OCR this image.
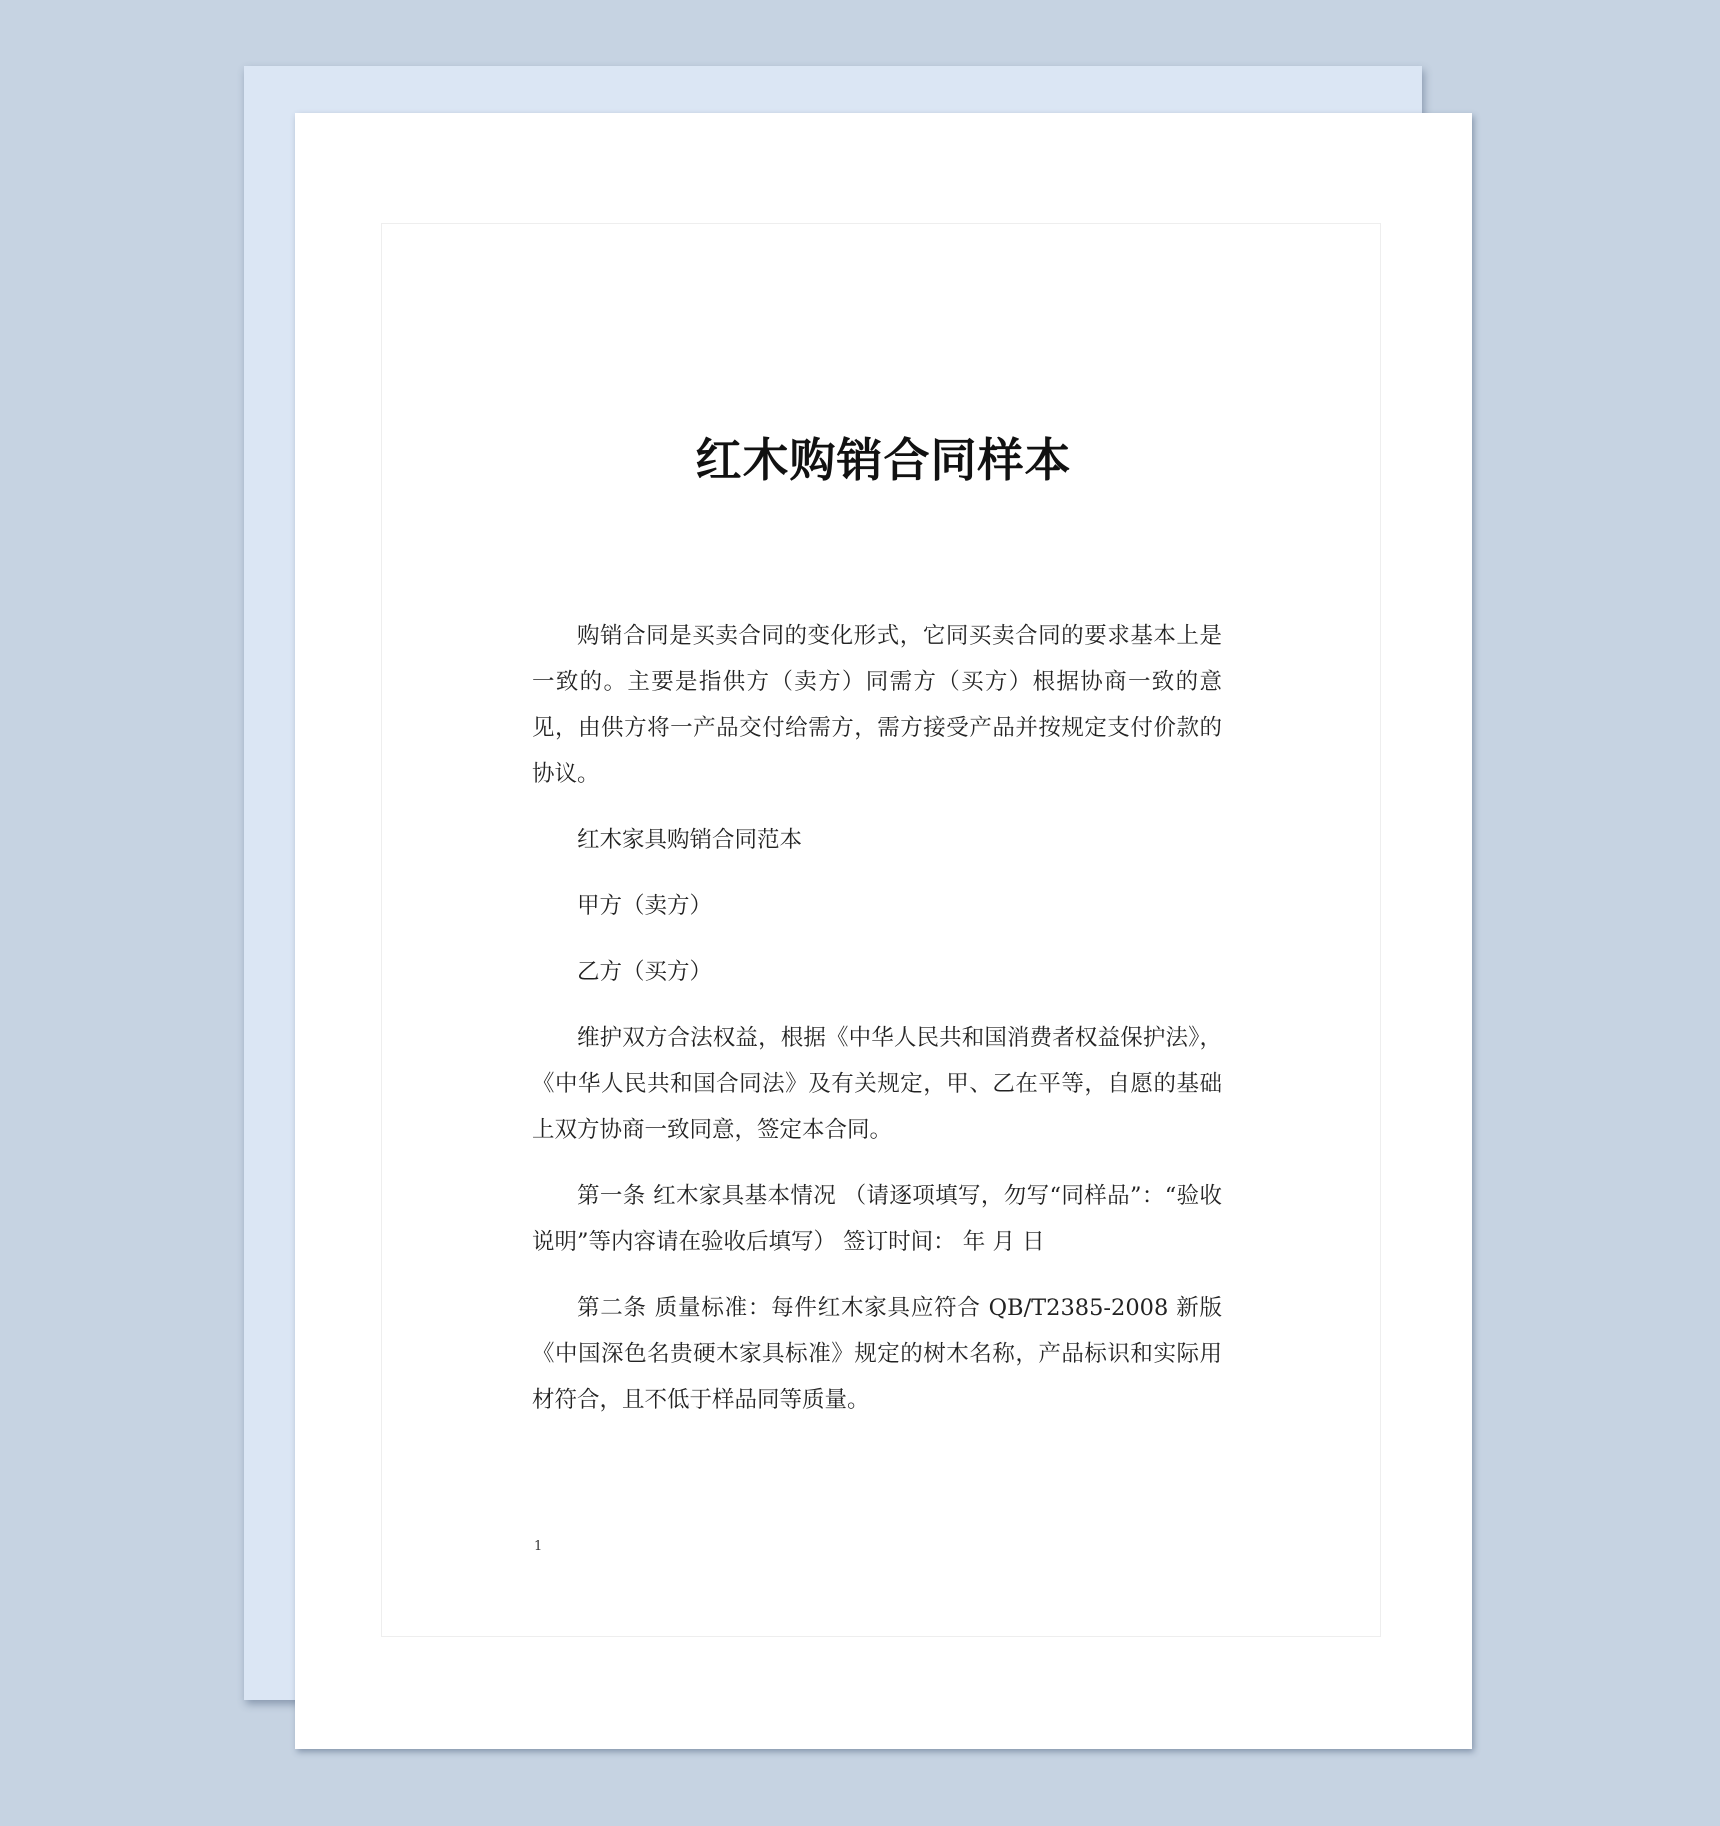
红木购销合同样本

购销合同是买卖合同的变化形式，它同买卖合同的要求基本上是一致的。主要是指供方（卖方）同需方（买方）根据协商一致的意见，由供方将一产品交付给需方，需方接受产品并按规定支付价款的协议。

红木家具购销合同范本

甲方（卖方）

乙方（买方）

维护双方合法权益，根据《中华人民共和国消费者权益保护法》，《中华人民共和国合同法》及有关规定，甲、乙在平等，自愿的基础上双方协商一致同意，签定本合同。

第一条 红木家具基本情况 （请逐项填写，勿写“同样品”：“验收说明”等内容请在验收后填写） 签订时间： 年 月 日

第二条 质量标准：每件红木家具应符合 QB/T2385-2008 新版《中国深色名贵硬木家具标准》规定的树木名称，产品标识和实际用材符合，且不低于样品同等质量。

1
